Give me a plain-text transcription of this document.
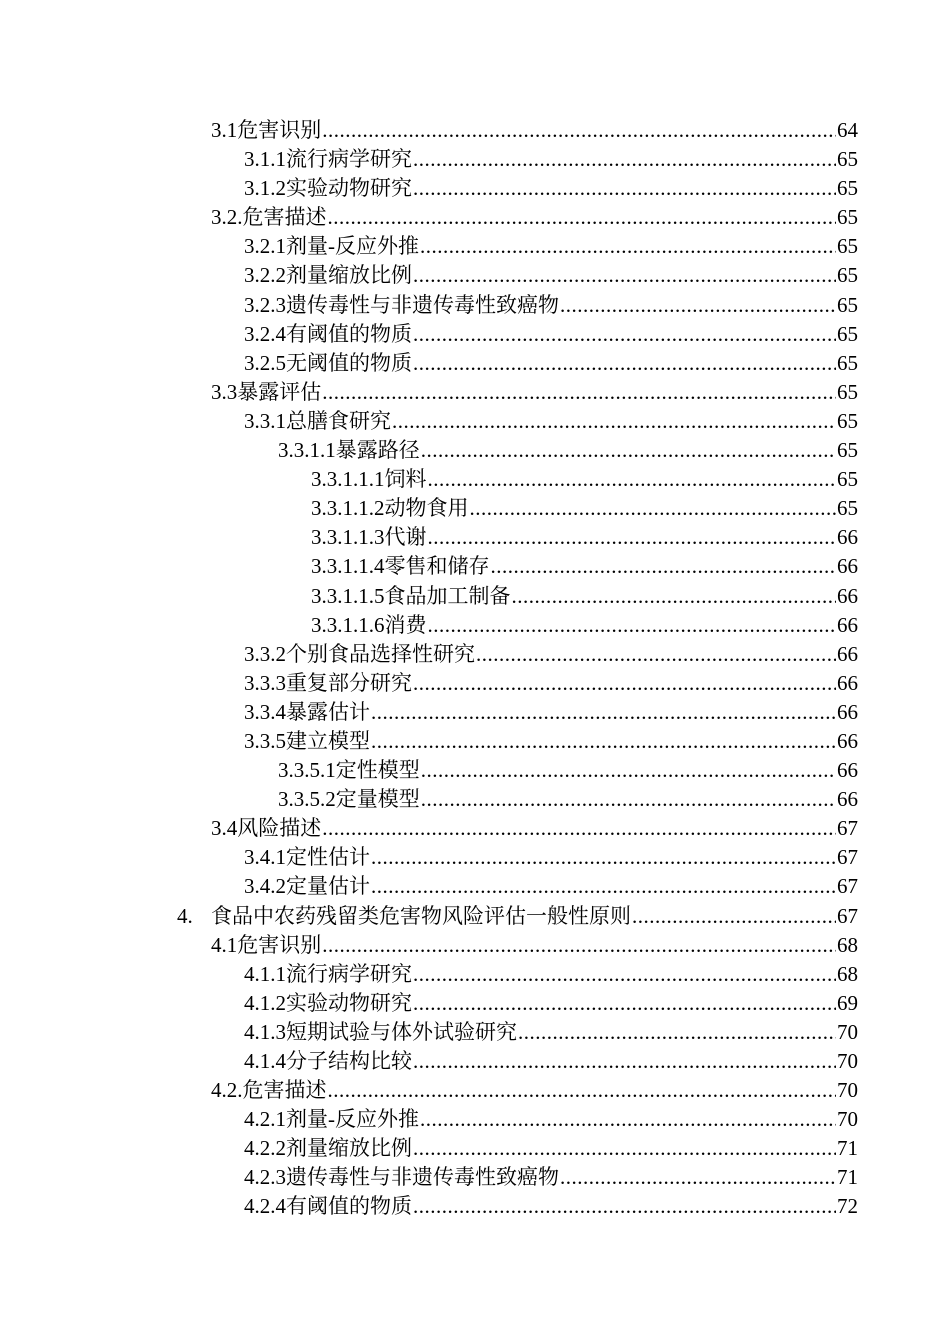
3.1 危害识别 .....	64
3.1.1 流行病学研究 .....	65
3.1.2 实验动物研究 .....	65
3.2. 危害描述 .....	65
3.2.1 剂量-反应外推 .....	65
3.2.2 剂量缩放比例 .....	65
3.2.3 遗传毒性与非遗传毒性致癌物 .....	65
3.2.4 有阈值的物质 .....	65
3.2.5 无阈值的物质 .....	65
3.3 暴露评估 .....	65
3.3.1 总膳食研究 .....	65
3.3.1.1 暴露路径 .....	65
3.3.1.1.1 饲料 .....	65
3.3.1.1.2 动物食用 .....	65
3.3.1.1.3 代谢 .....	66
3.3.1.1.4 零售和储存 .....	66
3.3.1.1.5 食品加工制备 .....	66
3.3.1.1.6 消费 .....	66
3.3.2 个别食品选择性研究 .....	66
3.3.3 重复部分研究 .....	66
3.3.4 暴露估计 .....	66
3.3.5 建立模型 .....	66
3.3.5.1 定性模型 .....	66
3.3.5.2 定量模型 .....	66
3.4 风险描述 .....	67
3.4.1 定性估计 .....	67
3.4.2 定量估计 .....	67
4. 食品中农药残留类危害物风险评估一般性原则 .....	67
4.1 危害识别 .....	68
4.1.1 流行病学研究 .....	68
4.1.2 实验动物研究 .....	69
4.1.3 短期试验与体外试验研究 .....	70
4.1.4 分子结构比较 .....	70
4.2. 危害描述 .....	70
4.2.1 剂量-反应外推 .....	70
4.2.2 剂量缩放比例 .....	71
4.2.3 遗传毒性与非遗传毒性致癌物 .....	71
4.2.4 有阈值的物质 .....	72
